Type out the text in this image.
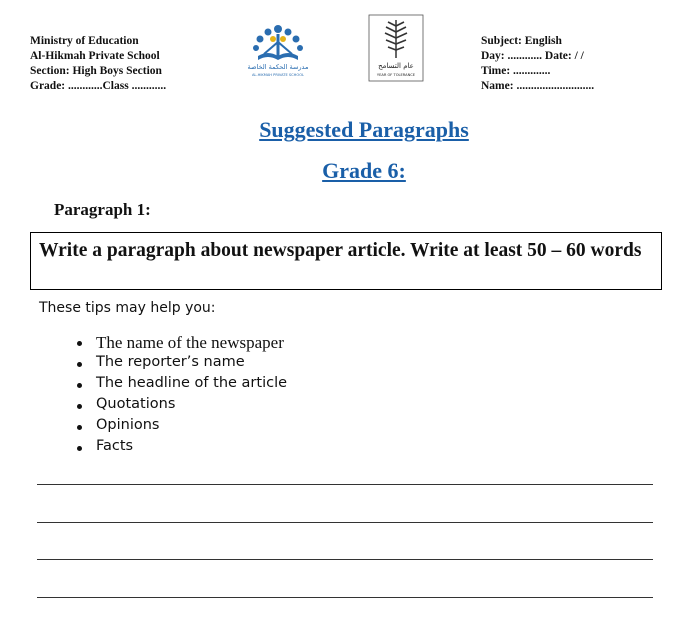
Ministry of Education
Al-Hikmah Private School
Section: High Boys Section
Grade: ............Class ............
مدرسة الحكمة الخاصة
AL-HIKMAH PRIVATE SCHOOL
عام التسامح
YEAR OF TOLERANCE
Subject: English
Day: ............ Date: / /
Time: .............
Name: ...........................
Suggested Paragraphs
Grade 6:
Paragraph 1:
Write a paragraph about newspaper article. Write at least 50 – 60 words
These tips may help you:
The name of the newspaper
The reporter’s name
The headline of the article
Quotations
Opinions
Facts
